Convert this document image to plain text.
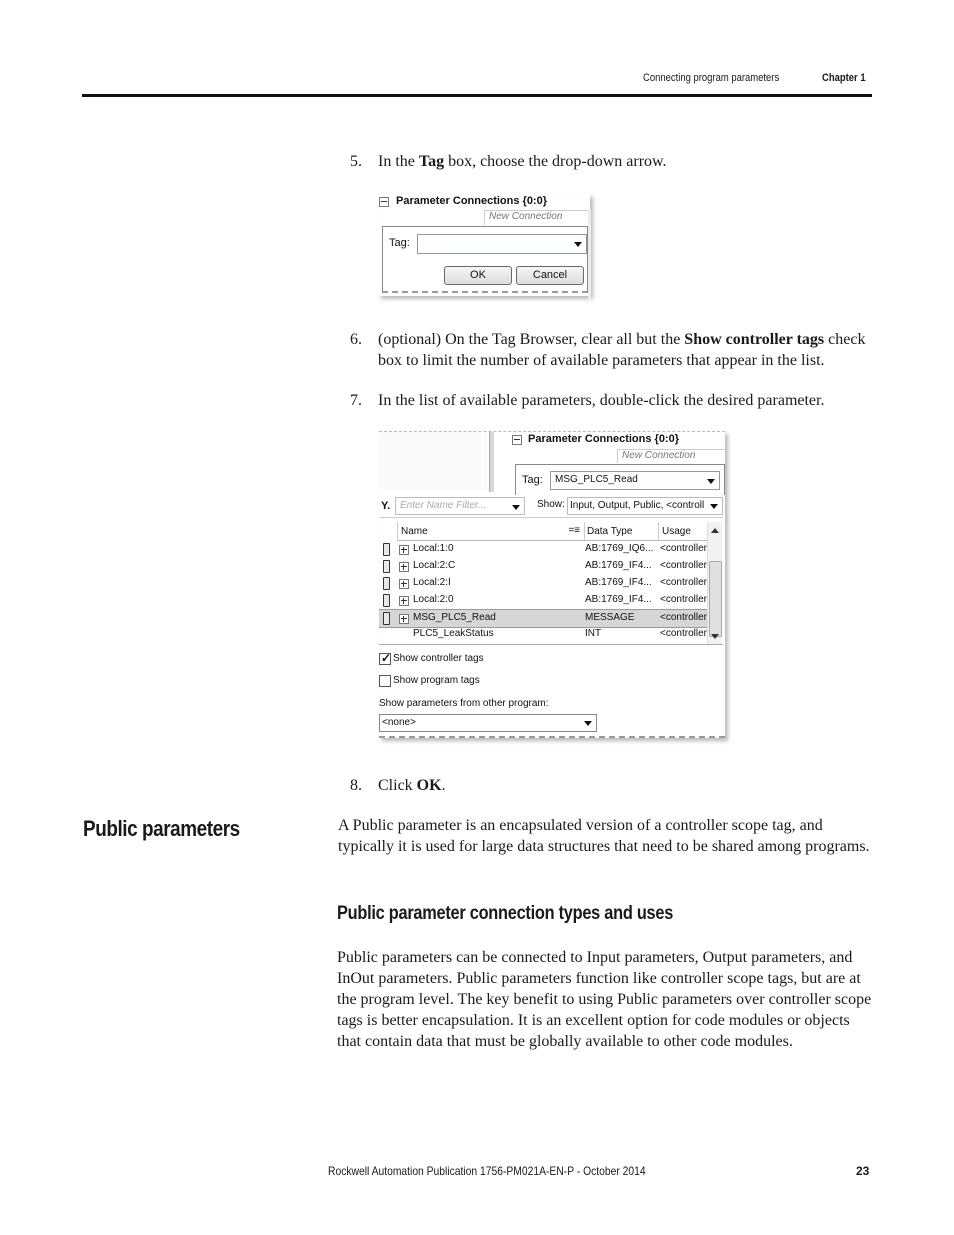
Connecting program parameters	Chapter 1
5. In the Tag box, choose the drop-down arrow.
Parameter Connections {0:0}
New Connection
Tag:
OK	Cancel
6. (optional) On the Tag Browser, clear all but the Show controller tags check box to limit the number of available parameters that appear in the list.
7. In the list of available parameters, double-click the desired parameter.
Parameter Connections {0:0}
New Connection
Tag: MSG_PLC5_Read
Y. Enter Name Filter...	Show: Input, Output, Public, <controll
Name	=≡ Data Type	Usage
Local:1:0	AB:1769_IQ6... <controller
Local:2:C	AB:1769_IF4... <controller
Local:2:I	AB:1769_IF4... <controller
Local:2:0	AB:1769_IF4... <controller
MSG_PLC5_Read	MESSAGE	<controller
PLC5_LeakStatus	INT	<controller
✓ Show controller tags
Show program tags
Show parameters from other program:
<none>
8. Click OK.
Public parameters	A Public parameter is an encapsulated version of a controller scope tag, and typically it is used for large data structures that need to be shared among programs.
Public parameter connection types and uses
Public parameters can be connected to Input parameters, Output parameters, and InOut parameters. Public parameters function like controller scope tags, but are at the program level. The key benefit to using Public parameters over controller scope tags is better encapsulation. It is an excellent option for code modules or objects that contain data that must be globally available to other code modules.
Rockwell Automation Publication 1756-PM021A-EN-P - October 2014	23
